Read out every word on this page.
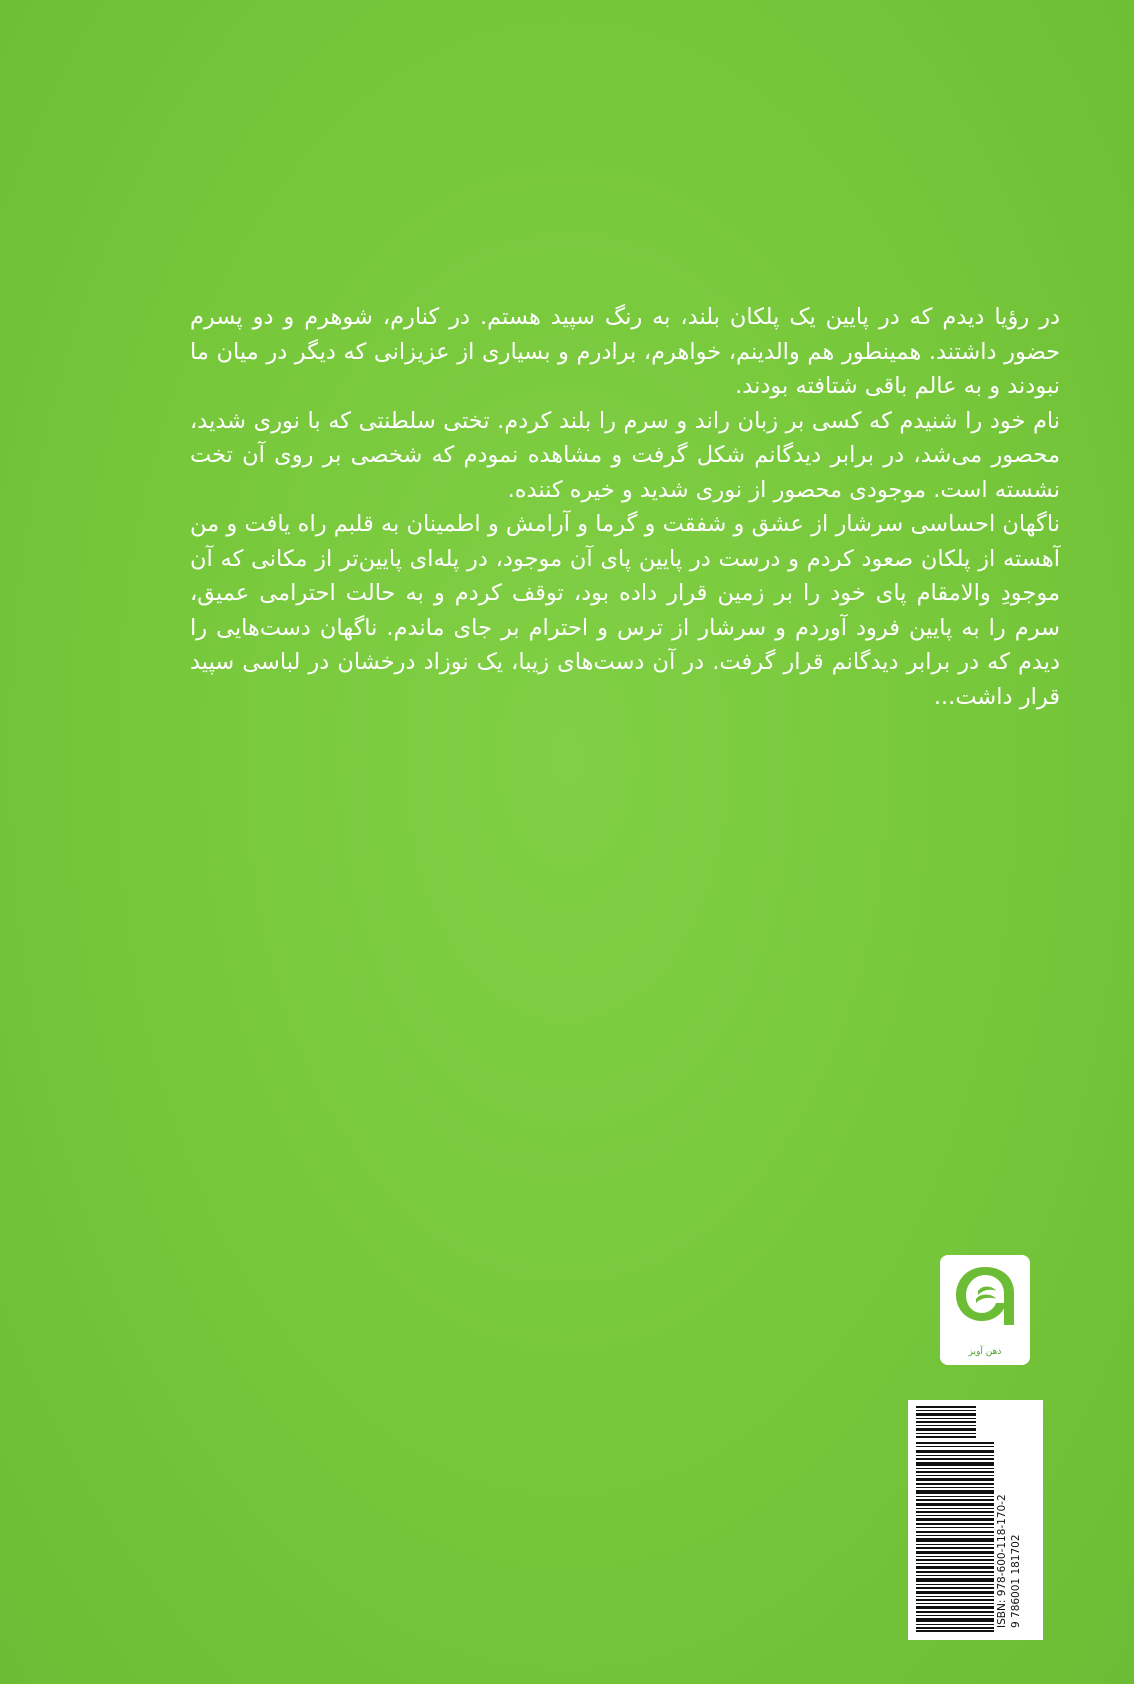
در رؤیا دیدم که در پایین یک پلکان بلند، به رنگ سپید هستم. در کنارم، شوهرم و دو پسرم حضور داشتند. همینطور هم والدینم، خواهرم، برادرم و بسیاری از عزیزانی که دیگر در میان ما نبودند و به عالم باقی شتافته بودند.

نام خود را شنیدم که کسی بر زبان راند و سرم را بلند کردم. تختی سلطنتی که با نوری شدید، محصور می‌شد، در برابر دیدگانم شکل گرفت و مشاهده نمودم که شخصی بر روی آن تخت نشسته است. موجودی محصور از نوری شدید و خیره کننده.

ناگهان احساسی سرشار از عشق و شفقت و گرما و آرامش و اطمینان به قلبم راه یافت و من آهسته از پلکان صعود کردم و درست در پایین پای آن موجود، در پله‌ای پایین‌تر از مکانی که آن موجودِ والامقام پای خود را بر زمین قرار داده بود، توقف کردم و به حالت احترامی عمیق، سرم را به پایین فرود آوردم و سرشار از ترس و احترام بر جای ماندم. ناگهان دست‌هایی را دیدم که در برابر دیدگانم قرار گرفت. در آن دست‌های زیبا، یک نوزاد درخشان در لباسی سپید قرار داشت...

ذهن آویز
ISBN: 978-600-118-170-2 9 786001 181702
